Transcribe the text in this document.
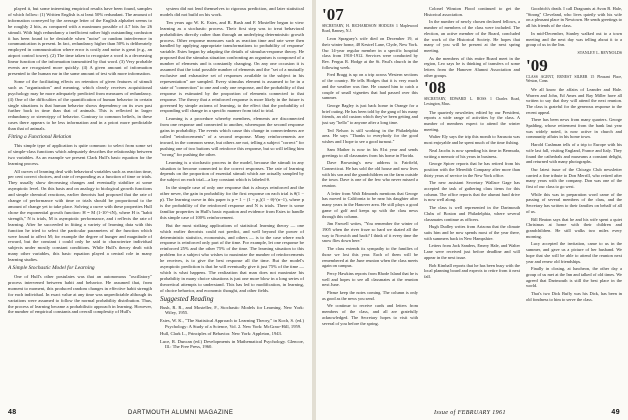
played it, but some interesting empirical results have been found, samples of which follow: (1) Written English is at least 50% redundant. The amount of information conveyed by the average letter of the English alphabet seems to be roughly 2 bits, as compared with a maximum possible of 4.7 bits for 26 stimuli. With high redundancy a inefficient rather high outstanding confusion it has been found to be desirable when "noise" or random interference in communication is present. In fact, redundancy higher than 50% is deliberately employed in communication where error is costly and noise is great (e.g., an airport control tower). (2) The time taken to recognize a word is a decreasing linear function of the information transmitted by that word. (3) Very probable events are recognized more quickly. (4) A given amount of information presented to the human ear in the same amount of test with more information.

Some of the facilitating effects on retention of given features of stimuli such as "organization" and meaning, which clearly receives acquisitional psychology may be more adequately predicted from measures of redundancy. (4) One of the difficulties of the quantification of human behavior in certain single situations is that human behavior shows dependency on its own past further back in time than that of animals. This is reflected in larger redundancy or stereotypy of behavior. Contrary to common beliefs, in these cases there appears to be less information and in a priori more predictable than that of animals.

Fitting a Functional Relation

This simple type of application is quite common: to select from some set of simple-class functions which adequately describes the relationship between two variables. As an example we present Clark Hull's basic equation for the learning process.

All curves of learning deal with behavioral variables such as reaction time, per cent correct choices, and rate of responding as a function of time or trials. They usually show decreasing changes and eventually stabilize at some asymptotic level. On this basis and on analogy to biological growth functions and simple chemical reactions, earlier theorists had proposed that the rate of change of performance with time or trials should be proportional to the amount of change yet to take place. Solving a curve with these properties Hull chose the exponential growth function: H = M (1-10^-iN), where H is "habit strength," N is trials, M is asymptotic performance, and i reflects the rate of learning. After he succeeded in fitting a variety of learning data with this function he tried to select the particular parameters of the function which were found to affect M; for example the degree of hunger and magnitude of reward, but the constant i could only be said to characterize individual subjects under mostly constant conditions. While Hull's theory dealt with many other variables, this basic equation played a central role in many learning studies.

A Simple Stochastic Model for Learning

One of Hull's other postulates was that an autonomous "oscillatory" process intervened between habit and behavior. He assumed that, from moment to moment, this produced random changes in effective habit strength for each individual. In exact value at any time was unpredictable although its variations were assumed to follow the normal probability distribution. Thus, the process of learning became a probabilistic approach in learning. However, the number of empirical constants and overall complexity of Hull's

system did not lend themselves to rigorous prediction, and later statistical models did not build on his work.

Ten years ago W. K. Estes, and R. Bush and F. Mosteller began to view learning as a stochastic process. Their first step was to treat behavioral probabilities directly rather than through an underlying deterministic growth process. Other response measures such as reaction time and rate were then handled by applying appropriate transformations to probability of response' variable. Estes began by adapting the details of stimulus-response theory. He proposed that the stimulus situation confronting an organism is composed of a number of elements and is constantly changing. On any one occasion it is assumed that the total possible number of elements and the "set of a mutually exclusive and exhaustive set of responses available to the subject in his representation" are sampled. Every stimulus element is assumed to be in a state of "connection" to one and only one response, and the probability of that response is estimated by the proportion of elements connected to that response. The theory that a reinforced response is more likely in the future is governed by simple axioms of learning, to the effect that the probability of responding will change in a specific manner from trial to trial.

Learning is a procedure whereby members, elements are disconnected from one response and connected to another, whereupon the second response gains in probability. The events which cause this change in connectedness are called "reinforcements" of a second response. Many reinforcements are inward, in the common sense, but others are not, telling a subject "correct" for pushing one of two buttons will reinforce this response, but so will telling him "wrong" for pushing the other.

Learning is a stochastic process in the model, because the stimuli in any situation to become connected to the correct responses. The rate of learning depends on the proportion of essential stimuli which are actually sampled by the subject on each trial—a key constant which is labeled θ.

In the simple case of only one response that is always reinforced and the other never, the gain in probability for the first response on each trial is θ(1 − p). The learning curve in this paper is p = 1 − (1 − p₁)(1 − θ)^(n−1), where p is the probability of the reinforced response and N is trials. There is some familiar properties in Hull's basic equation and evidence from Estes to handle this simple case of 100% reinforcement.

But the most striking applications of statistical learning theory — one which earlier theorists could not predict, and well beyond the power of deterministic statistics, economists, and others — is to the case where each response is reinforced only part of the time. For example, let one response be reinforced 25% and the other 75% of the time. The learning situation to this problem for a subject who wishes to maximize the number of reinforcements he receives, is to give the best response all the time. But the model's asymptotic prediction is that he will eventually give it just 75% of the time — which is what happens. The realization that man does not maximize his probability in many choice situations is just one more blow in a long series of theoretical attempts to understand. This has led to modification, in learning, of choice behavior, and economic thought, and other fields.

Suggested Reading

Bush, R. R., and Mosteller, F., Stochastic Models for Learning. New York: Wiley, 1955.

Estes, W. K., "The Statistical Approach to Learning Theory," in Koch, S. (ed.) Psychology: A Study of a Science, Vol. 2. New York: McGraw-Hill, 1959.

Hull, Clark L., Principles of Behavior. New York: Appleton, 1943.

Luce, R. Duncan (ed.) Developments in Mathematical Psychology. Glencoe, Ill.: The Free Press, 1960.

48	DARTMOUTH ALUMNI MAGAZINE
'07

SECRETARY, H. RICHARDSON HODGES 1 Maplewood Road, Ramsey, N.J.

Leon Spraguey's wife died on December 19, at their winter home, 48 Kestrel Lane, Clyde, New York. Our 14-year regular member in a specific hospital class from 1910-1912. Services were conducted by Rev. Fergus R. Hodge at the St. Paul's church in the following week.

Fred Bragg is up on a trip across Western sections of the country. He tells Hodges that it is very much and the weather was fine. He caused him to catch a couple of small vignettes that had passed over this summer.

George Bagley is just back home in Orange for a brief outing. He has been told by the gang of his many friends, an old custom which they've been getting and just say "hello" to anyone after a long time.

Ted Nelson is still working in the Philadelphia area. He says "Thanks to everybody for the good wishes and I hope to see a good turnout."

Sam Mather is now in his 81st year and sends greetings to all classmates from his home in Florida.

Dave Browning's new address is Fairfield, Connecticut. He has sold the old house and now lives with his son and the grandchildren on the farm outside the town. Dave is one of the few who never missed a reunion.

A letter from Walt Edmonds mentions that George has moved to California to be near his daughter after many years in the Hanover area. He still plays a good game of golf and keeps up with the class news through this column.

Jim Farwell writes, "You remember the winter of 1905 when the river froze so hard we skated all the way to Norwich and back? I think of it every time the snow flies down here."

The class extends its sympathy to the families of those we lost this year. Each of them will be remembered at the June reunion when the class meets again on campus.

Percy Hawkins reports from Rhode Island that he is well and hopes to see all classmates at the reunion next June.

Please keep the notes coming. The column is only as good as the news you send.

We continue to receive cards and letters from members of the class, and all are gratefully acknowledged. The Secretary hopes to visit with several of you before the spring.

Colonel Winston Flood continued to get the Historical association.

In the number of newly chosen declared fellows, a number of members of the class were included. The election, an active member of the Board, concluded the work of the Historical Society. He hopes that many of you will be present at the next spring meeting.

As the members of this entire Board meet in the region, Leo says he is thinking of transfers of some letters from the Hanover Alumni Association and other groups.

'08

SECRETARY, EDWARD L. ROSS 1 Charles Road, Lexington, Mass.

The quarterly newsletter, edited by our President, reports a wide range of activities by the class. A number of members expect to attend the winter meeting.

Walter Ely says the trip this month to Sarasota was most enjoyable and he spent much of the time fishing.

Neal Jacobs is now spending his time in Bermuda, writing a memoir of his years in business.

George Spicer reports that he has retired from his position with the Meredith Company after more than thirty years of service in the New York office.

The new assistant Secretary Wallace Gage has accepted the task of gathering class items for this column. The office reports that the alumni fund drive is now well along.

The class is well represented in the Dartmouth Clubs of Boston and Philadelphia, where several classmates continue as officers.

Hugh Dudley writes from Arizona that the climate suits him and he now spends most of the year there, with summers back in New Hampshire.

Letters from Jack Sanders, Emery Hale, and Walter Lane were received just before deadline and will appear in the next issue.

Bob Kimball reports that he has been busy with the local planning board and expects to retire from it next fall.

Goodrich's death. I call Dragrants at Avon B. Hale, "Strong" Cleveland, who lives quietly with his wife on a pleasant place in Newtown. He sends greetings to all his friends of the class.

In mid-December, Stanley walked out to a town meeting and the next day was telling about it to a group of us in the Inn.

STANLEY L. REYNOLDS

'09

CLASS AGENT, ERNEST SILBER 15 Pleasant Place, Weston, Conn.

We all know the affairs of Leander and Hale. Warren and John, Ed Ames and Ray Miller have all written to say that they will attend the next reunion. The class is grateful for the generous response to the recent appeal.

There has been news from many quarters. George Spalding, whose retirement from the bank last year was widely noted, is now active in church and community affairs in his home town.

Harold Cushman tells of a trip to Europe with his wife last fall, visiting England, France and Italy. They found the cathedrals and museums a constant delight, and returned with many photographs.

Our latest issue of the Chicago Club newsletter carried a fine tribute to Don Merrill, who retired after many years with the company. Don was one of the first of our class to go west.

While this was in preparation word came of the passing of several members of the class, and the Secretary has written to their families on behalf of all of us.

Bill Beaton says that he and his wife spent a quiet Christmas at home with their children and grandchildren. He still walks two miles every morning.

Lucy accepted the invitation, came to us in the summer, and gave us a picture of her husband. We hope that she will be able to attend the reunion next year and renew old friendships.

Finally in closing, at luncheon, the other day a group of us met at the Inn and talked of old times. We agreed that Dartmouth is still the best place in the world.

That's two Dick Buffy was his Dick, has been in old fondness to him to serve the class.

Issue of FEBRUARY 1961	49
